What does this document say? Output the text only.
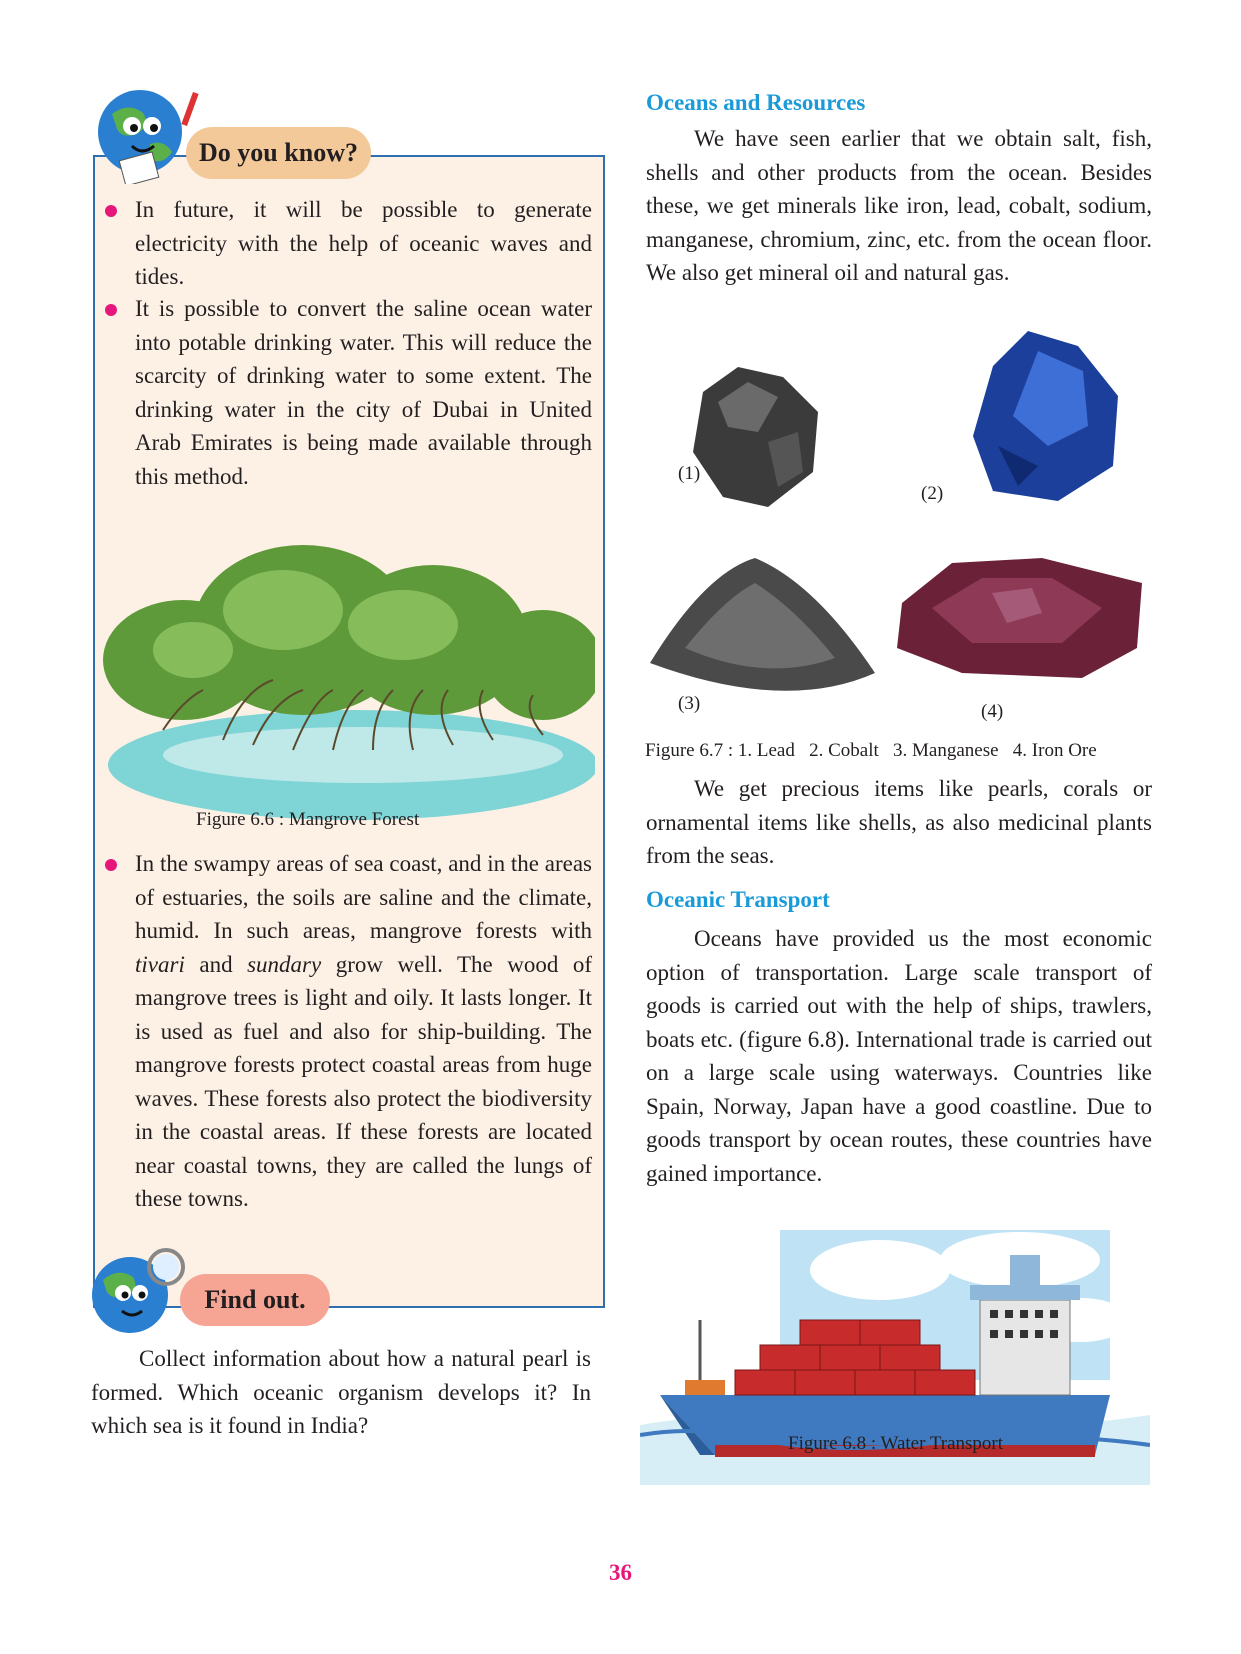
Do you know?

In future, it will be possible to generate electricity with the help of oceanic waves and tides.

It is possible to convert the saline ocean water into potable drinking water. This will reduce the scarcity of drinking water to some extent. The drinking water in the city of Dubai in United Arab Emirates is being made available through this method.

Figure 6.6 : Mangrove Forest

In the swampy areas of sea coast, and in the areas of estuaries, the soils are saline and the climate, humid. In such areas, mangrove forests with tivari and sundary grow well. The wood of mangrove trees is light and oily. It lasts longer. It is used as fuel and also for ship-building. The mangrove forests protect coastal areas from huge waves. These forests also protect the biodiversity in the coastal areas. If these forests are located near coastal towns, they are called the lungs of these towns.

Find out.

Collect information about how a natural pearl is formed. Which oceanic organism develops it? In which sea is it found in India?

Oceans and Resources

We have seen earlier that we obtain salt, fish, shells and other products from the ocean. Besides these, we get minerals like iron, lead, cobalt, sodium, manganese, chromium, zinc, etc. from the ocean floor. We also get mineral oil and natural gas.

(1)
(2)
(3)	(4)
Figure 6.7 : 1. Lead   2. Cobalt   3. Manganese   4. Iron Ore

We get precious items like pearls, corals or ornamental items like shells, as also medicinal plants from the seas.

Oceanic Transport

Oceans have provided us the most economic option of transportation. Large scale transport of goods is carried out with the help of ships, trawlers, boats etc. (figure 6.8). International trade is carried out on a large scale using waterways. Countries like Spain, Norway, Japan have a good coastline. Due to goods transport by ocean routes, these countries have gained importance.

Figure 6.8 : Water Transport
36
